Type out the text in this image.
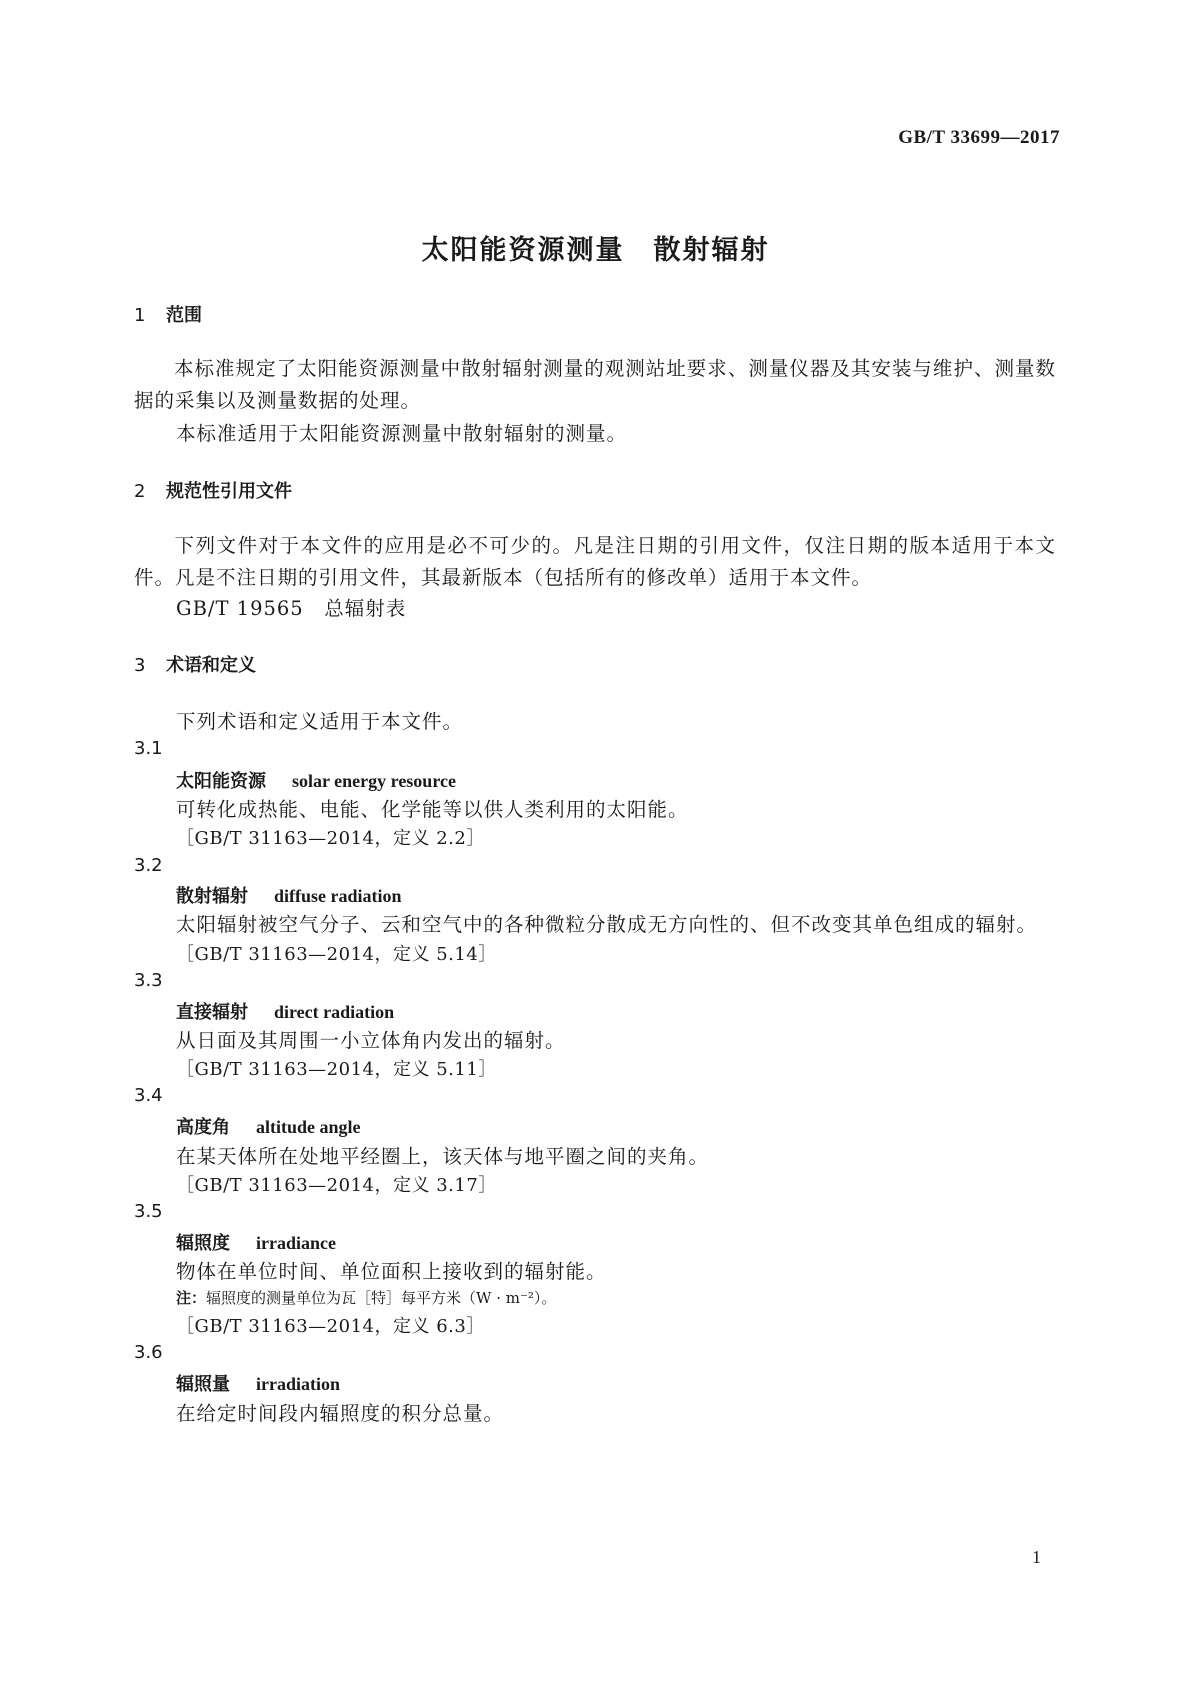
GB/T 33699—2017
太阳能资源测量　散射辐射
1 范围
本标准规定了太阳能资源测量中散射辐射测量的观测站址要求、测量仪器及其安装与维护、测量数据的采集以及测量数据的处理。
本标准适用于太阳能资源测量中散射辐射的测量。
2 规范性引用文件
下列文件对于本文件的应用是必不可少的。凡是注日期的引用文件，仅注日期的版本适用于本文件。凡是不注日期的引用文件，其最新版本（包括所有的修改单）适用于本文件。
GB/T 19565　总辐射表
3 术语和定义
下列术语和定义适用于本文件。
3.1
太阳能资源 solar energy resource
可转化成热能、电能、化学能等以供人类利用的太阳能。
［GB/T 31163—2014，定义 2.2］
3.2
散射辐射 diffuse radiation
太阳辐射被空气分子、云和空气中的各种微粒分散成无方向性的、但不改变其单色组成的辐射。
［GB/T 31163—2014，定义 5.14］
3.3
直接辐射 direct radiation
从日面及其周围一小立体角内发出的辐射。
［GB/T 31163—2014，定义 5.11］
3.4
高度角 altitude angle
在某天体所在处地平经圈上，该天体与地平圈之间的夹角。
［GB/T 31163—2014，定义 3.17］
3.5
辐照度 irradiance
物体在单位时间、单位面积上接收到的辐射能。
注：辐照度的测量单位为瓦［特］每平方米（W · m⁻²）。
［GB/T 31163—2014，定义 6.3］
3.6
辐照量 irradiation
在给定时间段内辐照度的积分总量。
1
